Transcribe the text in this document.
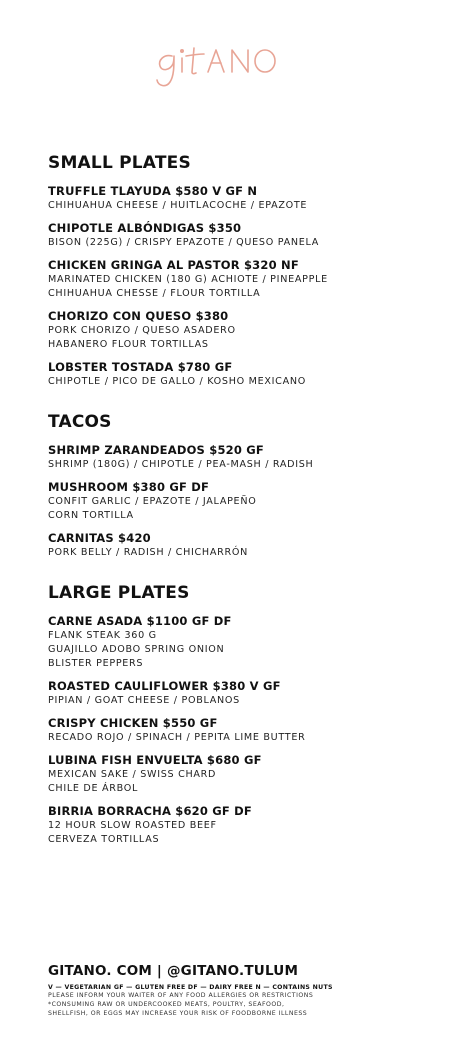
SMALL PLATES
TRUFFLE TLAYUDA $580 V GF N
CHIHUAHUA CHEESE / HUITLACOCHE / EPAZOTE
CHIPOTLE ALBÓNDIGAS $350
BISON (225G) / CRISPY EPAZOTE / QUESO PANELA
CHICKEN GRINGA AL PASTOR $320 NF
MARINATED CHICKEN (180 G) ACHIOTE / PINEAPPLE
CHIHUAHUA CHESSE / FLOUR TORTILLA
CHORIZO CON QUESO $380
PORK CHORIZO / QUESO ASADERO
HABANERO FLOUR TORTILLAS
LOBSTER TOSTADA $780 GF
CHIPOTLE / PICO DE GALLO / KOSHO MEXICANO
TACOS
SHRIMP ZARANDEADOS $520 GF
SHRIMP (180G) / CHIPOTLE / PEA-MASH / RADISH
MUSHROOM $380 GF DF
CONFIT GARLIC / EPAZOTE / JALAPEÑO
CORN TORTILLA
CARNITAS $420
PORK BELLY / RADISH / CHICHARRÓN
LARGE PLATES
CARNE ASADA $1100 GF DF
FLANK STEAK 360 G
GUAJILLO ADOBO SPRING ONION
BLISTER PEPPERS
ROASTED CAULIFLOWER $380 V GF
PIPIAN / GOAT CHEESE / POBLANOS
CRISPY CHICKEN $550 GF
RECADO ROJO / SPINACH / PEPITA LIME BUTTER
LUBINA FISH ENVUELTA $680 GF
MEXICAN SAKE / SWISS CHARD
CHILE DE ÁRBOL
BIRRIA BORRACHA $620 GF DF
12 HOUR SLOW ROASTED BEEF
CERVEZA TORTILLAS
GITANO. COM | @GITANO.TULUM
V — VEGETARIAN GF — GLUTEN FREE DF — DAIRY FREE N — CONTAINS NUTS
PLEASE INFORM YOUR WAITER OF ANY FOOD ALLERGIES OR RESTRICTIONS
*CONSUMING RAW OR UNDERCOOKED MEATS, POULTRY, SEAFOOD,
SHELLFISH, OR EGGS MAY INCREASE YOUR RISK OF FOODBORNE ILLNESS
